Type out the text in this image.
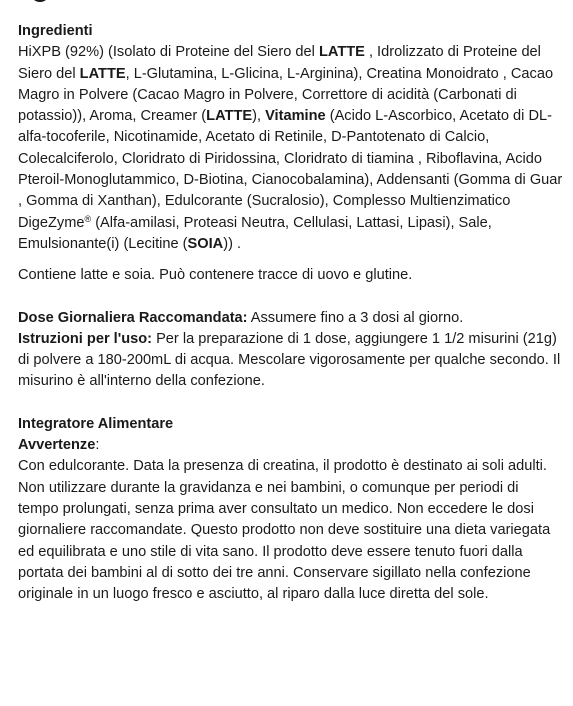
Ingredienti

HiXPB (92%) (Isolato di Proteine del Siero del LATTE , Idrolizzato di Proteine del Siero del LATTE, L-Glutamina, L-Glicina, L-Arginina), Creatina Monoidrato , Cacao Magro in Polvere (Cacao Magro in Polvere, Correttore di acidità (Carbonati di potassio)), Aroma, Creamer (LATTE), Vitamine (Acido L-Ascorbico, Acetato di DL-alfa-tocoferile, Nicotinamide, Acetato di Retinile, D-Pantotenato di Calcio, Colecalciferolo, Cloridrato di Piridossina, Cloridrato di tiamina , Riboflavina, Acido Pteroil-Monoglutammico, D-Biotina, Cianocobalamina), Addensanti (Gomma di Guar , Gomma di Xanthan), Edulcorante (Sucralosio), Complesso Multienzimatico DigeZyme® (Alfa-amilasi, Proteasi Neutra, Cellulasi, Lattasi, Lipasi), Sale, Emulsionante(i) (Lecitine (SOIA)) .

Contiene latte e soia. Può contenere tracce di uovo e glutine.

Dose Giornaliera Raccomandata: Assumere fino a 3 dosi al giorno.

Istruzioni per l'uso: Per la preparazione di 1 dose, aggiungere 1 1/2 misurini (21g) di polvere a 180-200mL di acqua. Mescolare vigorosamente per qualche secondo. Il misurino è all'interno della confezione.

Integratore Alimentare

Avvertenze:

Con edulcorante. Data la presenza di creatina, il prodotto è destinato ai soli adulti. Non utilizzare durante la gravidanza e nei bambini, o comunque per periodi di tempo prolungati, senza prima aver consultato un medico. Non eccedere le dosi giornaliere raccomandate. Questo prodotto non deve sostituire una dieta variegata ed equilibrata e uno stile di vita sano. Il prodotto deve essere tenuto fuori dalla portata dei bambini al di sotto dei tre anni. Conservare sigillato nella confezione originale in un luogo fresco e asciutto, al riparo dalla luce diretta del sole.
